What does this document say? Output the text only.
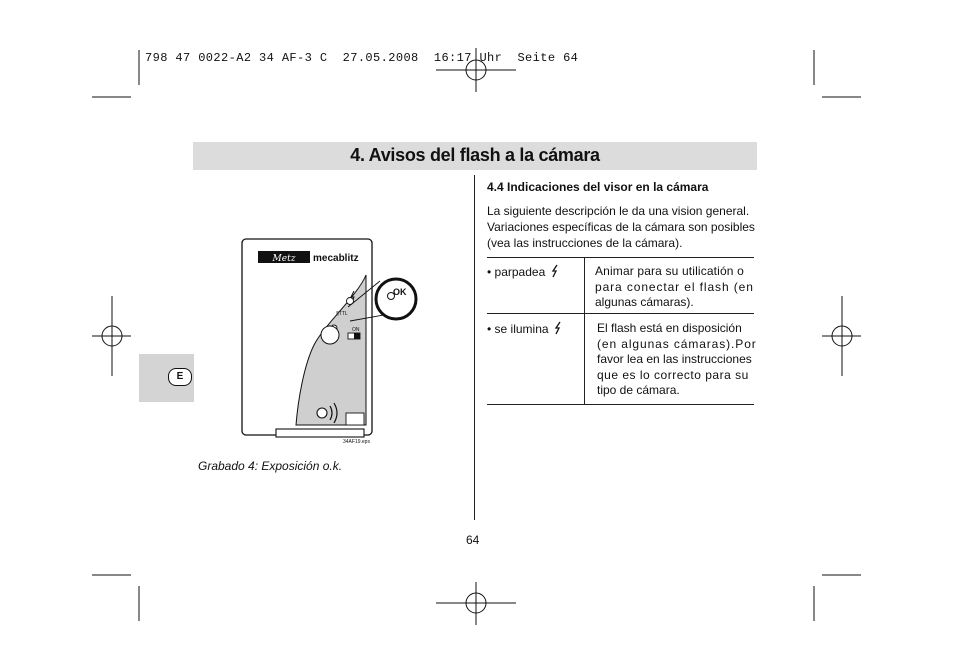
798 47 0022-A2 34 AF-3 C  27.05.2008  16:17 Uhr  Seite 64
4. Avisos del flash a la cámara
E
Metz mecablitz
§TTL
ON
OK
34AF19.eps
Grabado 4: Exposición o.k.
4.4 Indicaciones del visor en la cámara
La siguiente descripción le da una vision general.
Variaciones específicas de la cámara son posibles
(vea las instrucciones de la cámara).
• parpadea	Animar para su utilicatión o
para conectar el flash (en
algunas cámaras).
• se ilumina	El flash está en disposición
(en algunas cámaras).Por
favor lea en las instrucciones
que es lo correcto para su
tipo de cámara.
64
